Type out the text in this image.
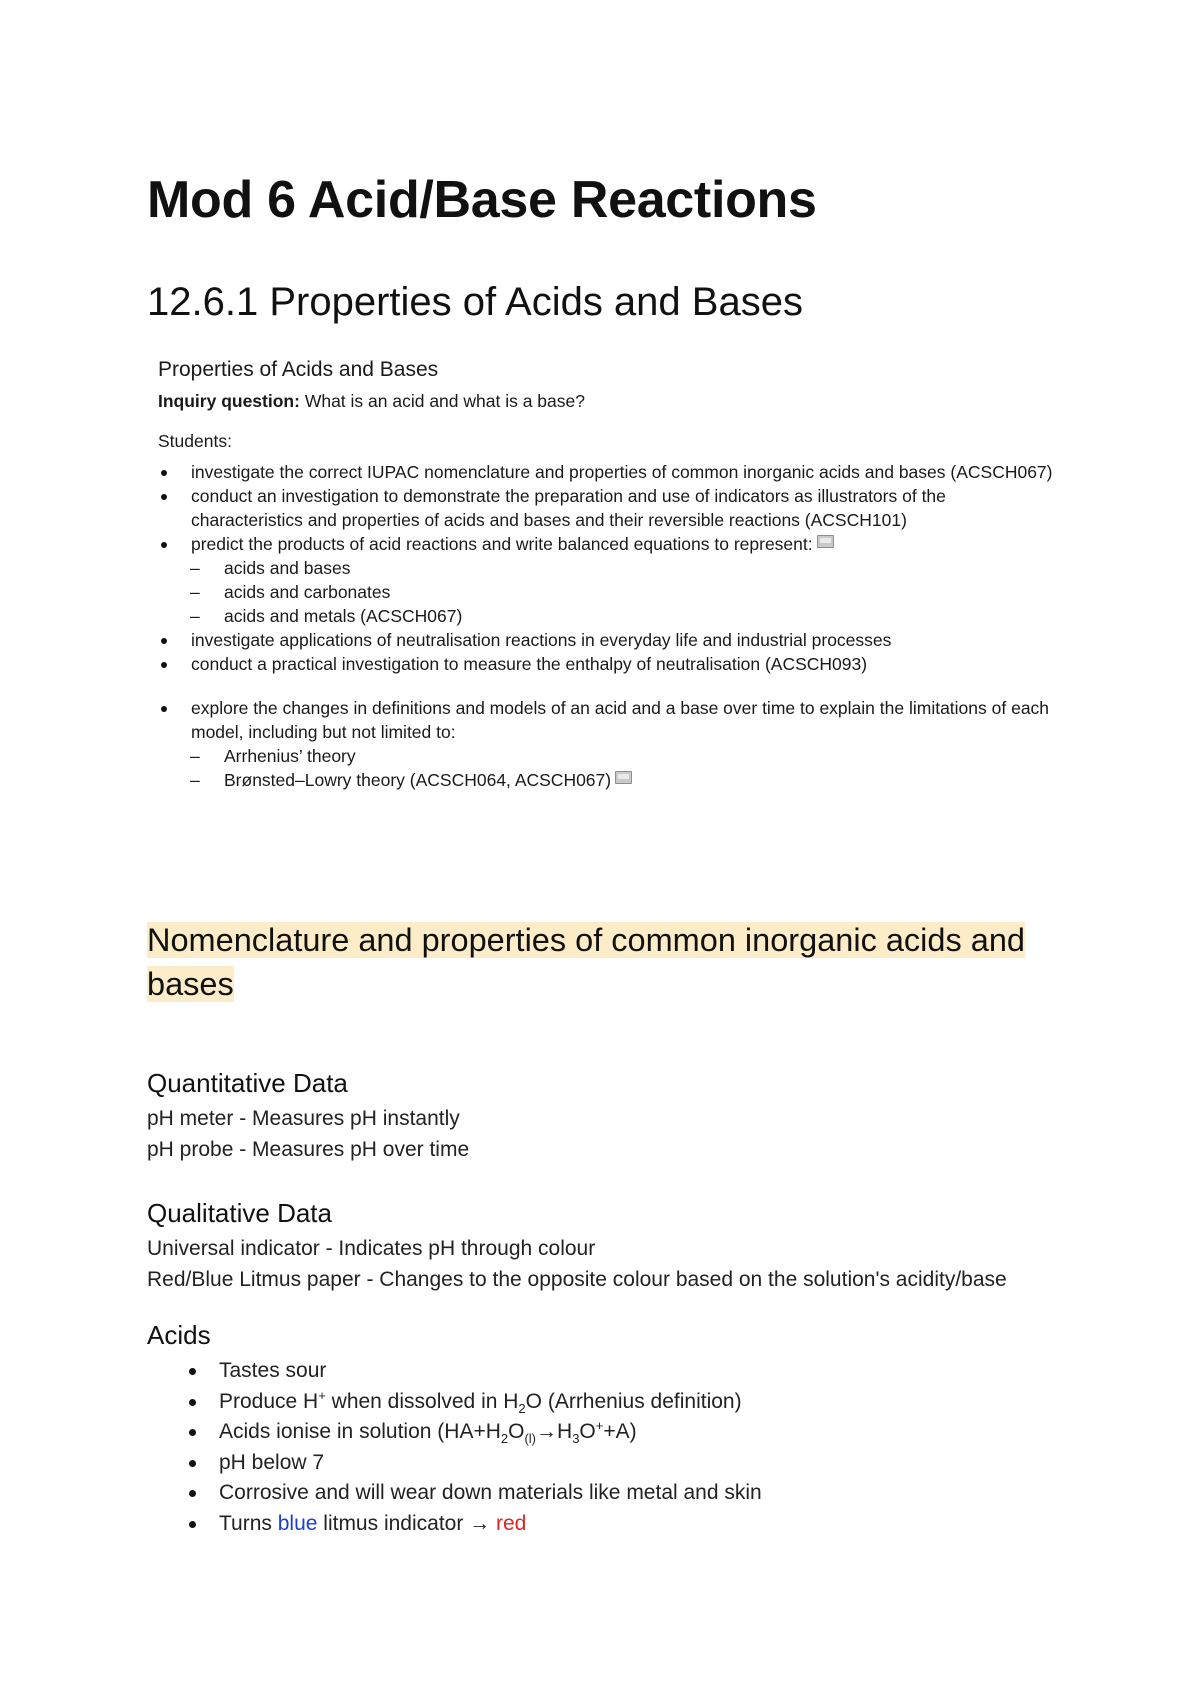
Mod 6 Acid/Base Reactions
12.6.1 Properties of Acids and Bases
Properties of Acids and Bases
Inquiry question: What is an acid and what is a base?
Students:
investigate the correct IUPAC nomenclature and properties of common inorganic acids and bases (ACSCH067)
conduct an investigation to demonstrate the preparation and use of indicators as illustrators of the characteristics and properties of acids and bases and their reversible reactions (ACSCH101)
predict the products of acid reactions and write balanced equations to represent:
– acids and bases
– acids and carbonates
– acids and metals (ACSCH067)
investigate applications of neutralisation reactions in everyday life and industrial processes
conduct a practical investigation to measure the enthalpy of neutralisation (ACSCH093)
explore the changes in definitions and models of an acid and a base over time to explain the limitations of each model, including but not limited to:
– Arrhenius’ theory
– Brønsted–Lowry theory (ACSCH064, ACSCH067)
Nomenclature and properties of common inorganic acids and bases
Quantitative Data

pH meter - Measures pH instantly

pH probe - Measures pH over time

Qualitative Data

Universal indicator - Indicates pH through colour

Red/Blue Litmus paper - Changes to the opposite colour based on the solution's acidity/base

Acids
Tastes sour
Produce H+ when dissolved in $H_2O$ (Arrhenius definition)
Acids ionise in solution $(HA+H_2O_{(l)}\to H_3O^++A)$
pH below 7
Corrosive and will wear down materials like metal and skin
Turns blue litmus indicator → red
